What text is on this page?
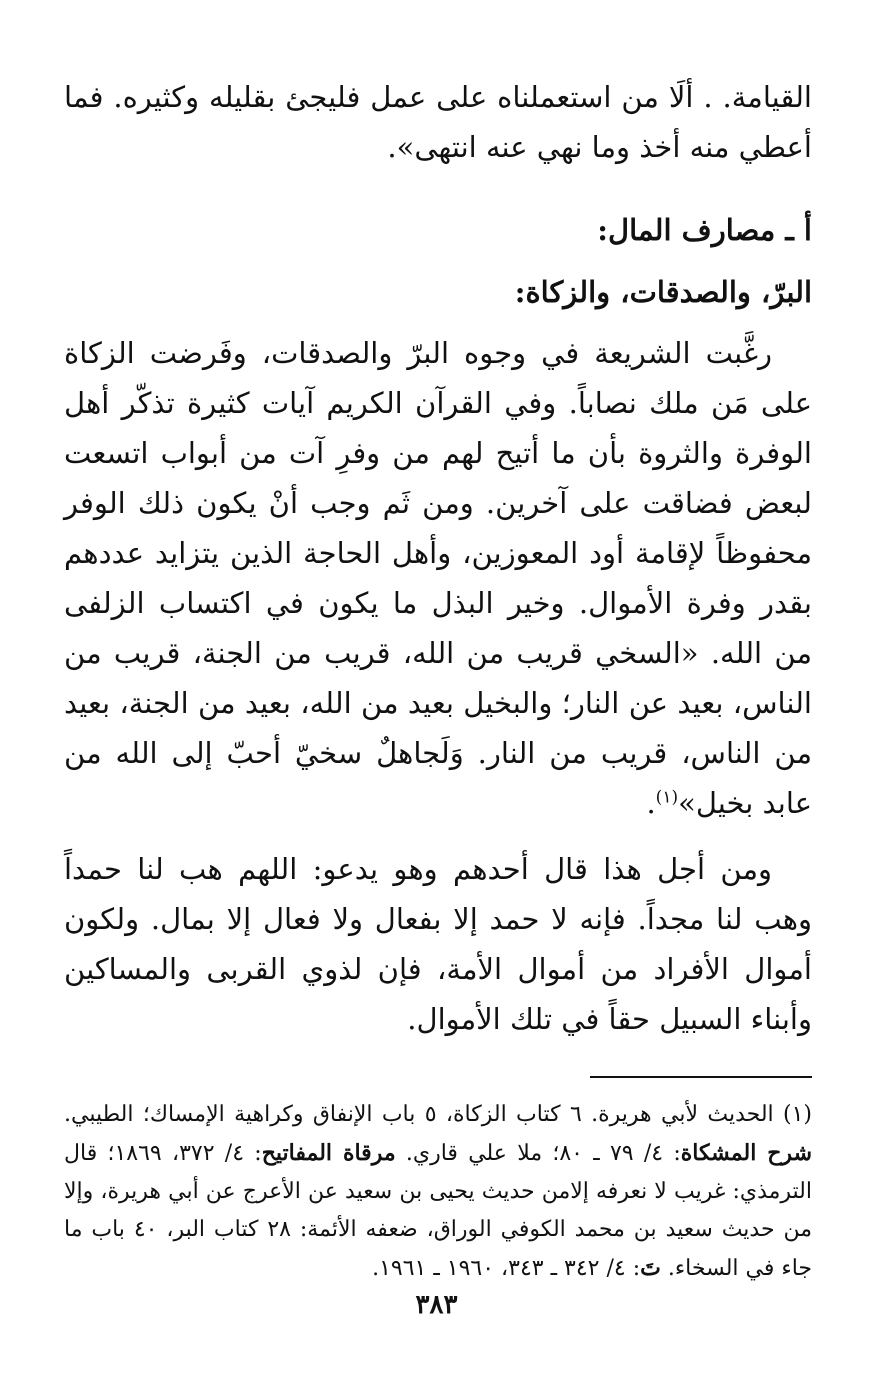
القيامة. . ألَا من استعملناه على عمل فليجئ بقليله وكثيره. فما أعطي منه أخذ وما نهي عنه انتهى».

أ ـ مصارف المال:

البرّ، والصدقات، والزكاة:

رغَّبت الشريعة في وجوه البرّ والصدقات، وفَرضت الزكاة على مَن ملك نصاباً. وفي القرآن الكريم آيات كثيرة تذكّر أهل الوفرة والثروة بأن ما أتيح لهم من وفرِ آت من أبواب اتسعت لبعض فضاقت على آخرين. ومن ثَم وجب أنْ يكون ذلك الوفر محفوظاً لإقامة أود المعوزين، وأهل الحاجة الذين يتزايد عددهم بقدر وفرة الأموال. وخير البذل ما يكون في اكتساب الزلفى من الله. «السخي قريب من الله، قريب من الجنة، قريب من الناس، بعيد عن النار؛ والبخيل بعيد من الله، بعيد من الجنة، بعيد من الناس، قريب من النار. وَلَجاهلٌ سخيّ أحبّ إلى الله من عابد بخيل»$^{(١)}$.

ومن أجل هذا قال أحدهم وهو يدعو: اللهم هب لنا حمداً وهب لنا مجداً. فإنه لا حمد إلا بفعال ولا فعال إلا بمال. ولكون أموال الأفراد من أموال الأمة، فإن لذوي القربى والمساكين وأبناء السبيل حقاً في تلك الأموال.

(١) الحديث لأبي هريرة. ٦ كتاب الزكاة، ٥ باب الإنفاق وكراهية الإمساك؛ الطيبي. شرح المشكاة: ٤/ ٧٩ ـ ٨٠؛ ملا علي قاري. مرقاة المفاتيح: ٤/ ٣٧٢، ١٨٦٩؛ قال الترمذي: غريب لا نعرفه إلامن حديث يحيى بن سعيد عن الأعرج عن أبي هريرة، وإلا من حديث سعيد بن محمد الكوفي الوراق، ضعفه الأئمة: ٢٨ كتاب البر، ٤٠ باب ما جاء في السخاء. تَ: ٤/ ٣٤٢ ـ ٣٤٣، ١٩٦٠ ـ ١٩٦١.

٣٨٣
